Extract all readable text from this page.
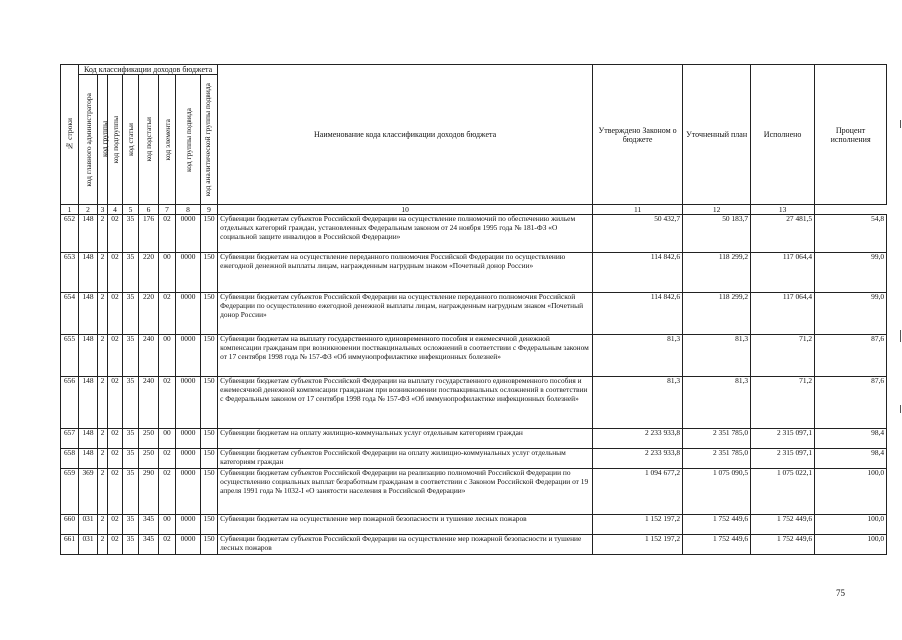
№ строки	Код классификации доходов бюджета								Наименование кода классификации доходов бюджета	Утверждено Законом о бюджете	Уточненный план	Исполнено	Процент исполнения

	код главного администратора	код группы	код подгруппы	код статьи	код подстатьи	код элемента	код группы подвида	код аналитической группы подвида					

1	2	3	4	5	6	7	8	9	10	11	12	13	
652	148	2	02	35	176	02	0000	150	Субвенции бюджетам субъектов Российской Федерации на осуществление полномочий по обеспечению жильем отдельных категорий граждан, установленных Федеральным законом от 24 ноября 1995 года № 181-ФЗ «О социальной защите инвалидов в Российской Федерации»	50 432,7	50 183,7	27 481,5	54,8
653	148	2	02	35	220	00	0000	150	Субвенции бюджетам на осуществление переданного полномочия Российской Федерации по осуществлению ежегодной денежной выплаты лицам, награжденным нагрудным знаком «Почетный донор России»	114 842,6	118 299,2	117 064,4	99,0
654	148	2	02	35	220	02	0000	150	Субвенции бюджетам субъектов Российской Федерации на осуществление переданного полномочия Российской Федерации по осуществлению ежегодной денежной выплаты лицам, награжденным нагрудным знаком «Почетный донор России»	114 842,6	118 299,2	117 064,4	99,0
655	148	2	02	35	240	00	0000	150	Субвенции бюджетам на выплату государственного единовременного пособия и ежемесячной денежной компенсации гражданам при возникновении поствакцинальных осложнений в соответствии с Федеральным законом от 17 сентября 1998 года № 157-ФЗ «Об иммунопрофилактике инфекционных болезней»	81,3	81,3	71,2	87,6
656	148	2	02	35	240	02	0000	150	Субвенции бюджетам субъектов Российской Федерации на выплату государственного единовременного пособия и ежемесячной денежной компенсации гражданам при возникновении поствакцинальных осложнений в соответствии с Федеральным законом от 17 сентября 1998 года № 157-ФЗ «Об иммунопрофилактике инфекционных болезней»	81,3	81,3	71,2	87,6
657	148	2	02	35	250	00	0000	150	Субвенции бюджетам на оплату жилищно-коммунальных услуг отдельным категориям граждан	2 233 933,8	2 351 785,0	2 315 097,1	98,4
658	148	2	02	35	250	02	0000	150	Субвенции бюджетам субъектов Российской Федерации на оплату жилищно-коммунальных услуг отдельным категориям граждан	2 233 933,8	2 351 785,0	2 315 097,1	98,4
659	369	2	02	35	290	02	0000	150	Субвенции бюджетам субъектов Российской Федерации на реализацию полномочий Российской Федерации по осуществлению социальных выплат безработным гражданам в соответствии с Законом Российской Федерации от 19 апреля 1991 года № 1032-I «О занятости населения в Российской Федерации»	1 094 677,2	1 075 090,5	1 075 022,1	100,0
660	031	2	02	35	345	00	0000	150	Субвенции бюджетам на осуществление мер пожарной безопасности и тушение лесных пожаров	1 152 197,2	1 752 449,6	1 752 449,6	100,0
661	031	2	02	35	345	02	0000	150	Субвенции бюджетам субъектов Российской Федерации на осуществление мер пожарной безопасности и тушение лесных пожаров	1 152 197,2	1 752 449,6	1 752 449,6	100,0
75
